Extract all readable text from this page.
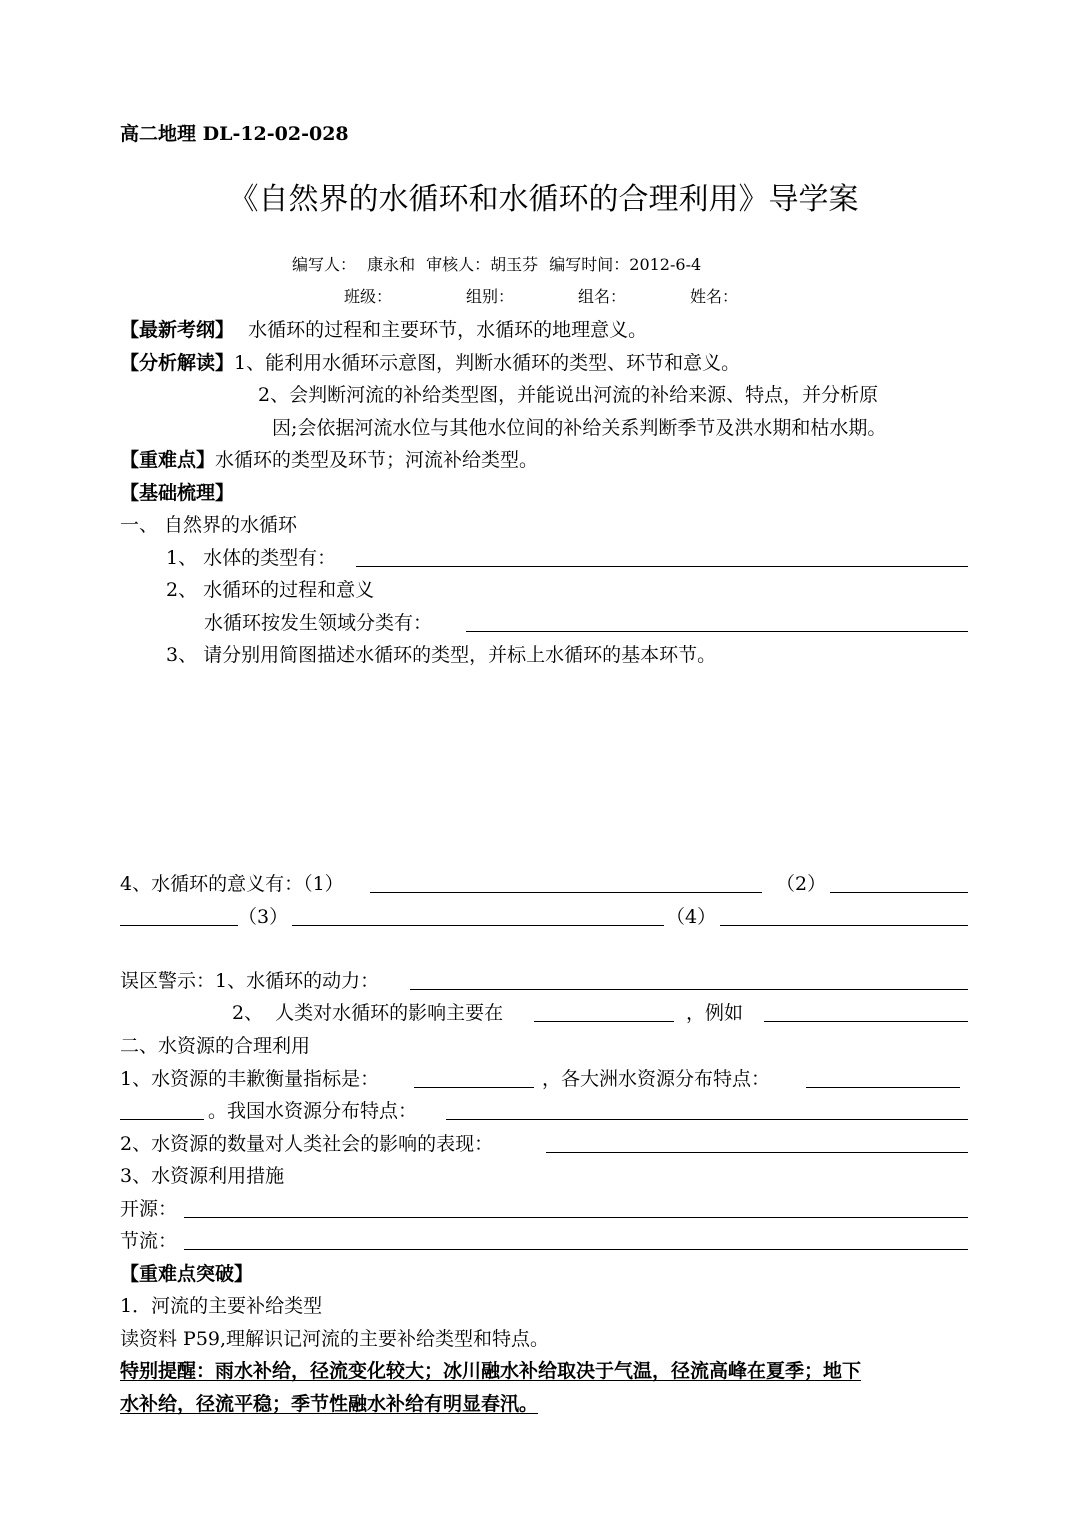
高二地理 DL-12-02-028
《自然界的水循环和水循环的合理利用》导学案
编写人： 康永和 审核人：胡玉芬 编写时间：2012-6-4
班级：	组别：	组名：	姓名：
【最新考纲】 水循环的过程和主要环节，水循环的地理意义。
【分析解读】1、能利用水循环示意图，判断水循环的类型、环节和意义。
2、会判断河流的补给类型图，并能说出河流的补给来源、特点，并分析原
因;会依据河流水位与其他水位间的补给关系判断季节及洪水期和枯水期。
【重难点】水循环的类型及环节；河流补给类型。
【基础梳理】
一、 自然界的水循环
1、 水体的类型有：
2、 水循环的过程和意义
水循环按发生领域分类有：
3、 请分别用简图描述水循环的类型，并标上水循环的基本环节。
4、水循环的意义有：（1）	（2）
（3）	（4）
误区警示：1、水循环的动力：
2、 人类对水循环的影响主要在	，例如
二、水资源的合理利用
1、水资源的丰歉衡量指标是：	，各大洲水资源分布特点：
。我国水资源分布特点：
2、水资源的数量对人类社会的影响的表现：
3、水资源利用措施
开源：
节流：
【重难点突破】
1．河流的主要补给类型
读资料 P59,理解识记河流的主要补给类型和特点。
特别提醒：雨水补给，径流变化较大；冰川融水补给取决于气温，径流高峰在夏季；地下
水补给，径流平稳；季节性融水补给有明显春汛。
